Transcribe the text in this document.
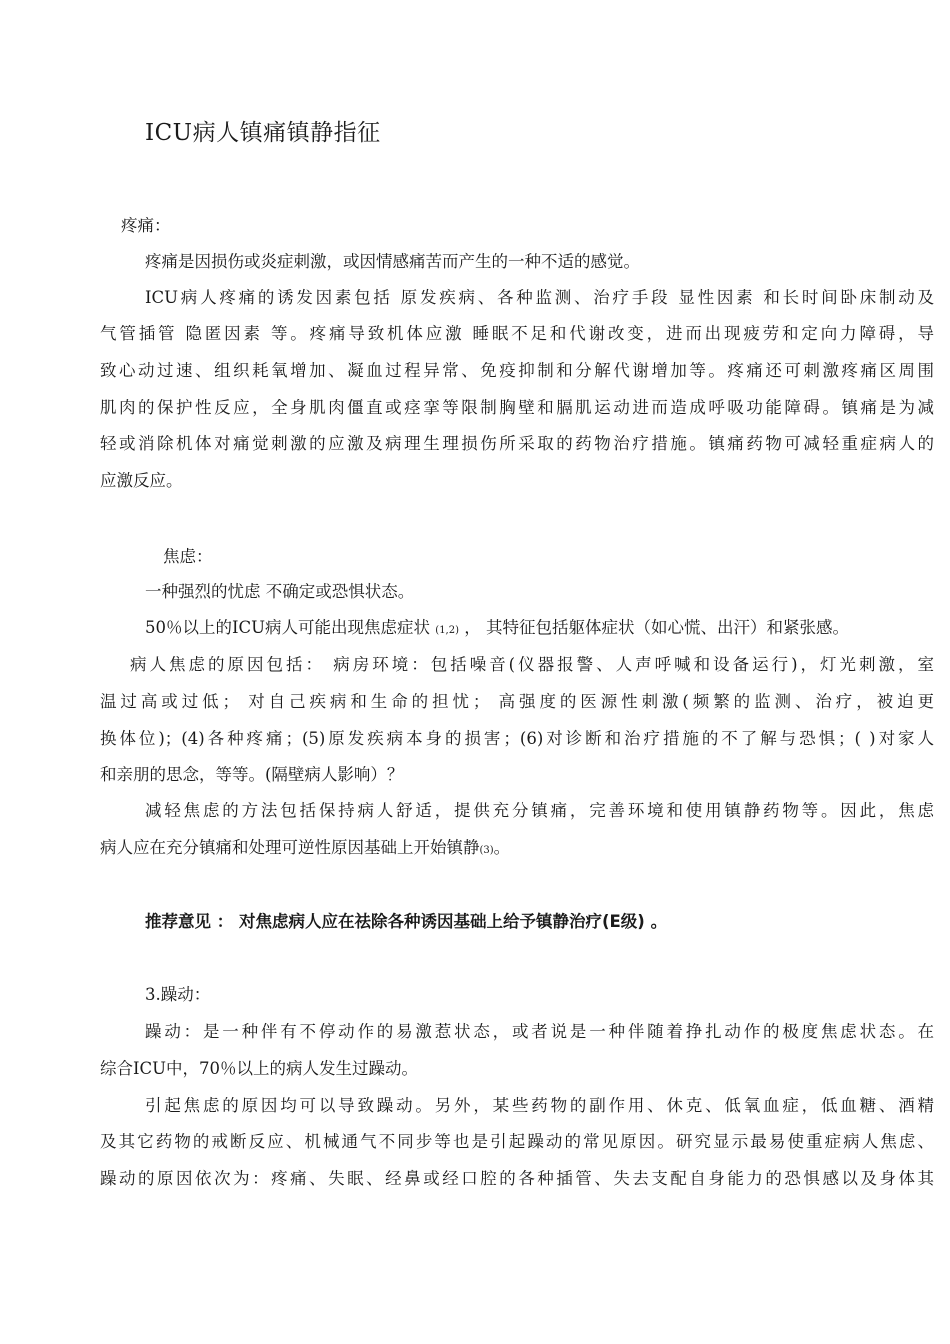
ICU病人镇痛镇静指征
疼痛：
疼痛是因损伤或炎症刺激，或因情感痛苦而产生的一种不适的感觉。
ICU病人疼痛的诱发因素包括 原发疾病、各种监测、治疗手段 显性因素 和长时间卧床制动及
气管插管 隐匿因素 等。疼痛导致机体应激 睡眠不足和代谢改变，进而出现疲劳和定向力障碍，导
致心动过速、组织耗氧增加、凝血过程异常、免疫抑制和分解代谢增加等。疼痛还可刺激疼痛区周围
肌肉的保护性反应，全身肌肉僵直或痉挛等限制胸壁和膈肌运动进而造成呼吸功能障碍。镇痛是为减
轻或消除机体对痛觉刺激的应激及病理生理损伤所采取的药物治疗措施。镇痛药物可减轻重症病人的
应激反应。
焦虑：
一种强烈的忧虑 不确定或恐惧状态。
50％以上的ICU病人可能出现焦虑症状 (1,2) ， 其特征包括躯体症状（如心慌、出汗）和紧张感。
病人焦虑的原因包括： 病房环境：包括噪音(仪器报警、人声呼喊和设备运行)，灯光刺激，室
温过高或过低； 对自己疾病和生命的担忧； 高强度的医源性刺激(频繁的监测、治疗，被迫更
换体位)；(4)各种疼痛；(5)原发疾病本身的损害；(6)对诊断和治疗措施的不了解与恐惧；( )对家人
和亲朋的思念，等等。(隔壁病人影响）？
减轻焦虑的方法包括保持病人舒适，提供充分镇痛，完善环境和使用镇静药物等。因此，焦虑
病人应在充分镇痛和处理可逆性原因基础上开始镇静(3)。
推荐意见 ： 对焦虑病人应在祛除各种诱因基础上给予镇静治疗(E级) 。
3.躁动：
躁动：是一种伴有不停动作的易激惹状态，或者说是一种伴随着挣扎动作的极度焦虑状态。在
综合ICU中，70％以上的病人发生过躁动。
引起焦虑的原因均可以导致躁动。另外，某些药物的副作用、休克、低氧血症，低血糖、酒精
及其它药物的戒断反应、机械通气不同步等也是引起躁动的常见原因。研究显示最易使重症病人焦虑、
躁动的原因依次为：疼痛、失眠、经鼻或经口腔的各种插管、失去支配自身能力的恐惧感以及身体其
